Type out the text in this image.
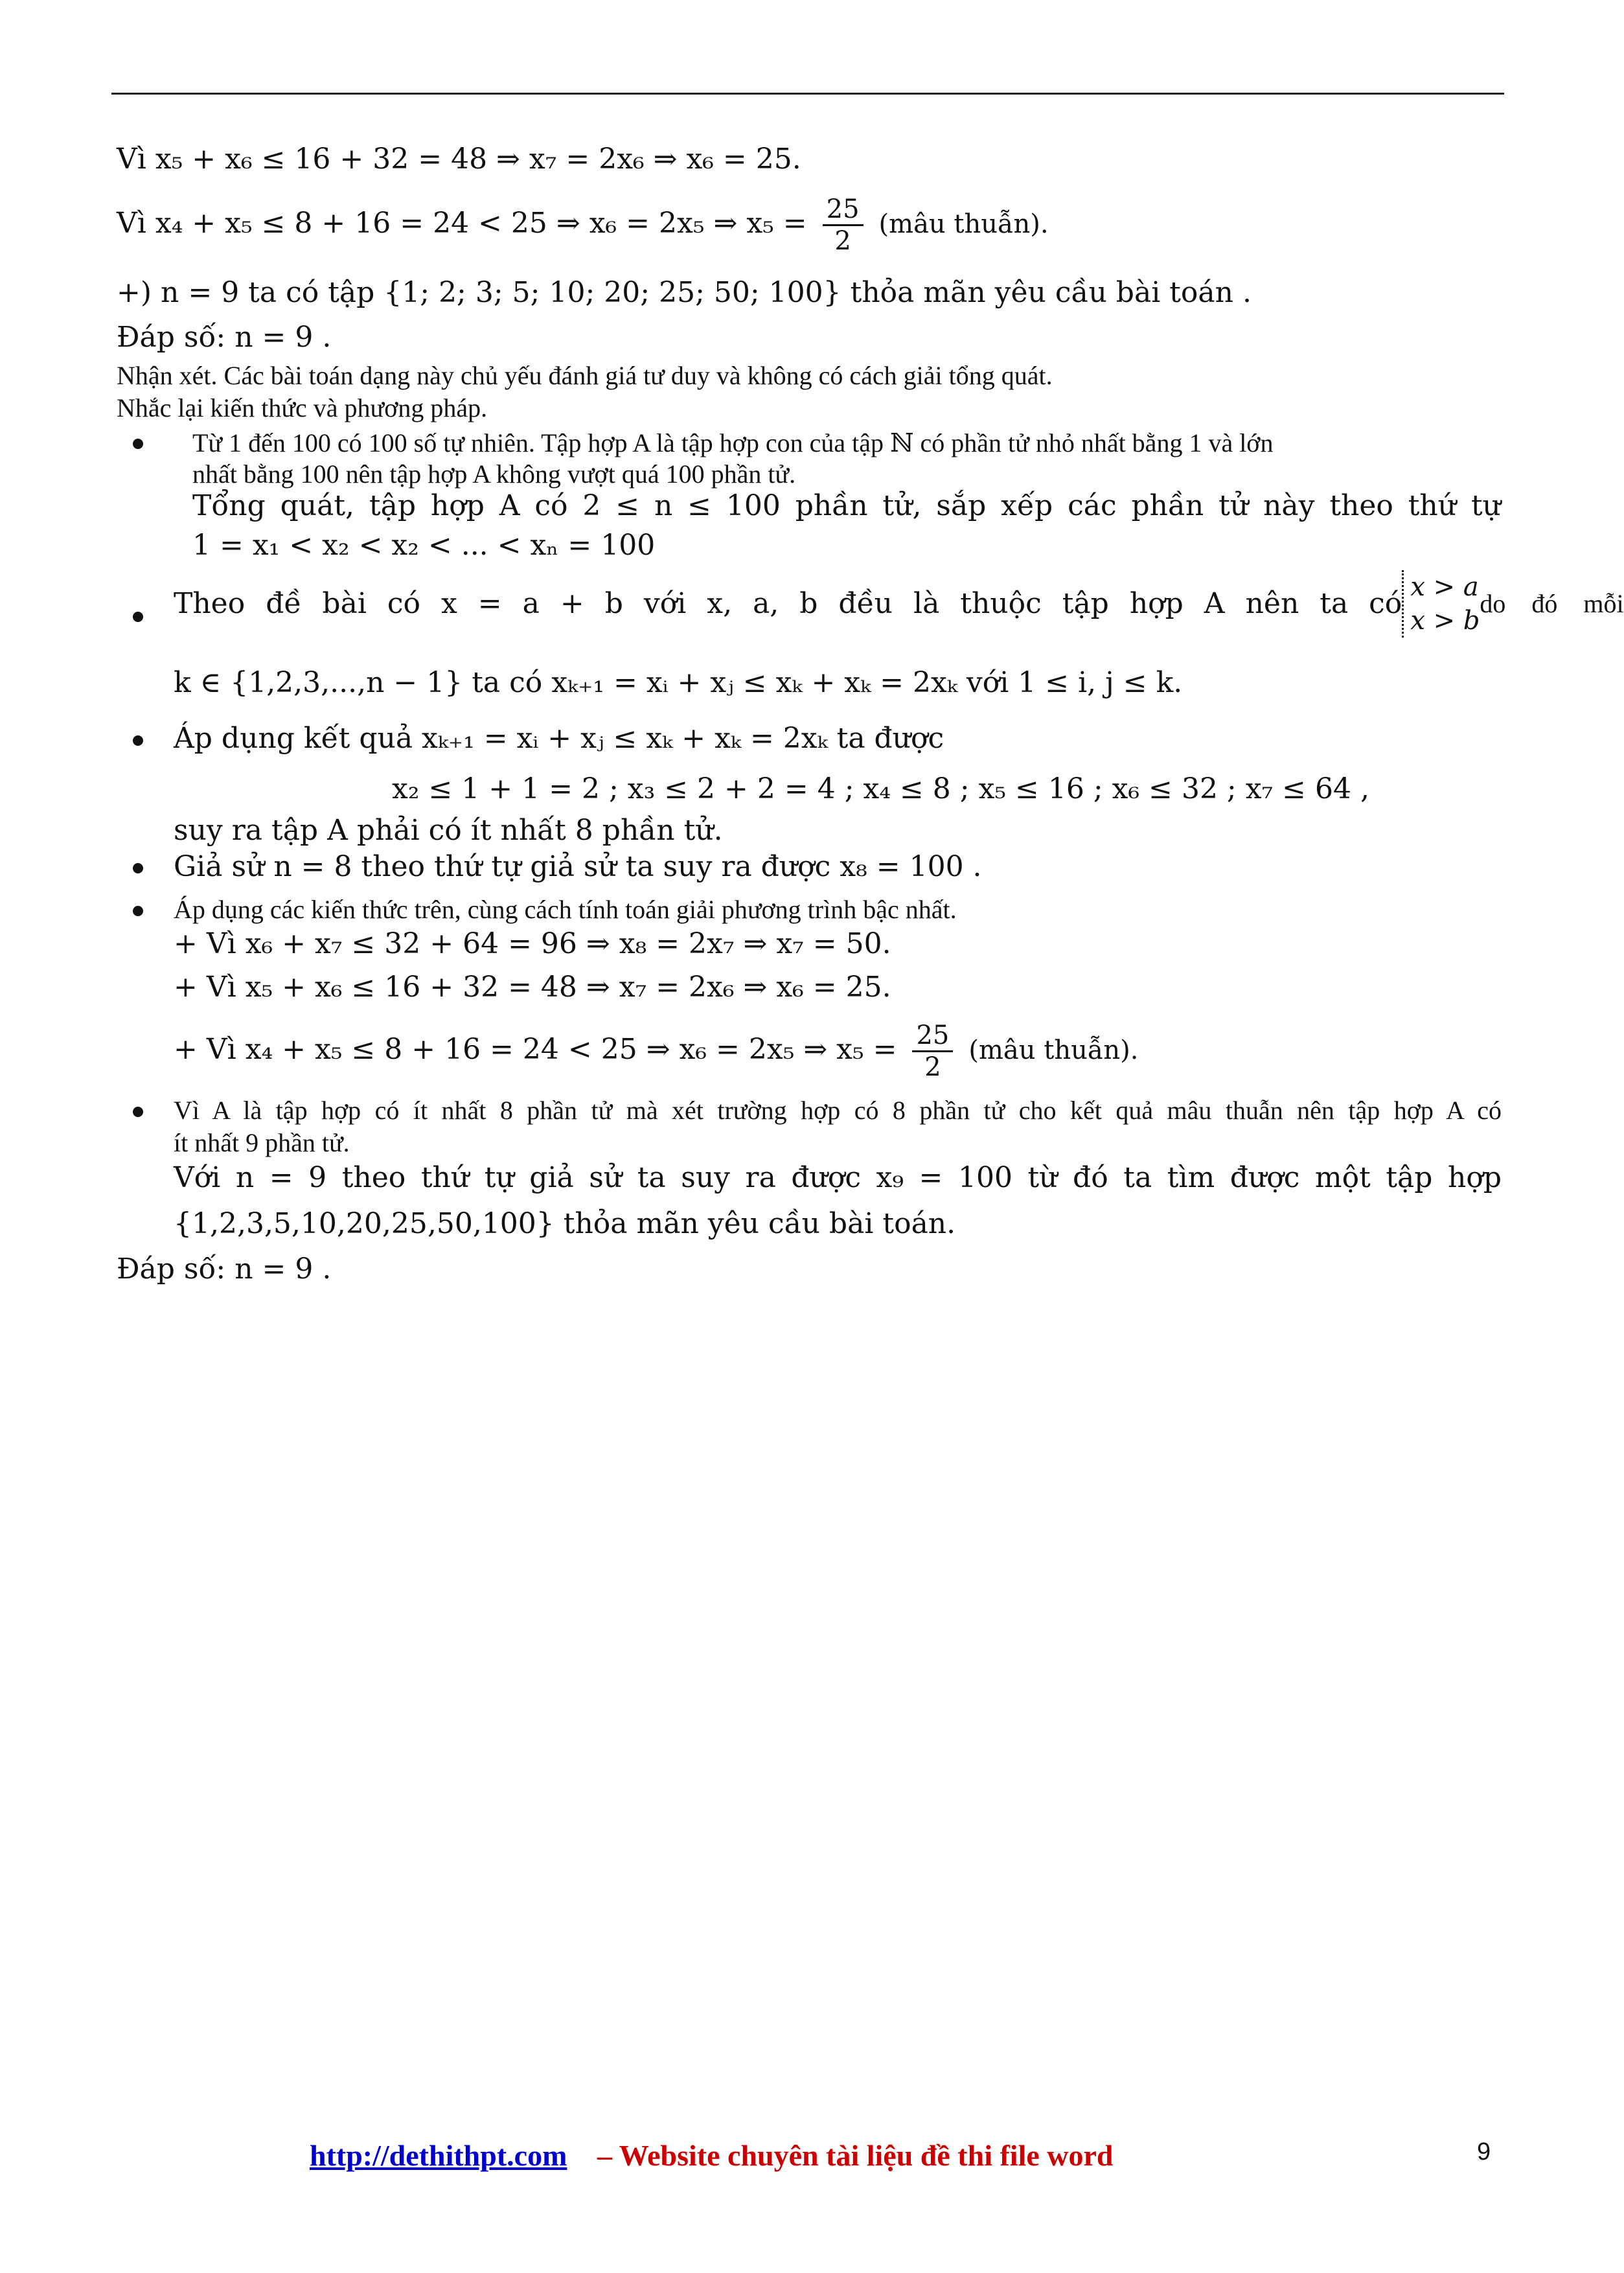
Vì x₅ + x₆ ≤ 16 + 32 = 48 ⇒ x₇ = 2x₆ ⇒ x₆ = 25.
Vì x₄ + x₅ ≤ 8 + 16 = 24 < 25 ⇒ x₆ = 2x₅ ⇒ $x_5 = \frac{25}{2}$ (mâu thuẫn).
+) n = 9 ta có tập {1; 2; 3; 5; 10; 20; 25; 50; 100} thỏa mãn yêu cầu bài toán .
Đáp số: n = 9 .
Nhận xét. Các bài toán dạng này chủ yếu đánh giá tư duy và không có cách giải tổng quát.
Nhắc lại kiến thức và phương pháp.
Từ 1 đến 100 có 100 số tự nhiên. Tập hợp A là tập hợp con của tập ℕ có phần tử nhỏ nhất bằng 1 và lớn
nhất bằng 100 nên tập hợp A không vượt quá 100 phần tử.
Tổng quát, tập hợp A có 2 ≤ n ≤ 100 phần tử, sắp xếp các phần tử này theo thứ tự
1 = x₁ < x₂ < x₂ < ... < xₙ = 100
Theo đề bài có x = a + b với x, a, b đều là thuộc tập hợp A nên ta có x > a
x > b
do đó mỗi
k ∈ {1,2,3,...,n − 1} ta có xₖ₊₁ = xᵢ + xⱼ ≤ xₖ + xₖ = 2xₖ với 1 ≤ i, j ≤ k.
Áp dụng kết quả xₖ₊₁ = xᵢ + xⱼ ≤ xₖ + xₖ = 2xₖ ta được
x₂ ≤ 1 + 1 = 2 ; x₃ ≤ 2 + 2 = 4 ; x₄ ≤ 8 ; x₅ ≤ 16 ; x₆ ≤ 32 ; x₇ ≤ 64 ,
suy ra tập A phải có ít nhất 8 phần tử.
Giả sử n = 8 theo thứ tự giả sử ta suy ra được x₈ = 100 .
Áp dụng các kiến thức trên, cùng cách tính toán giải phương trình bậc nhất.
+ Vì x₆ + x₇ ≤ 32 + 64 = 96 ⇒ x₈ = 2x₇ ⇒ x₇ = 50.
+ Vì x₅ + x₆ ≤ 16 + 32 = 48 ⇒ x₇ = 2x₆ ⇒ x₆ = 25.
+ Vì x₄ + x₅ ≤ 8 + 16 = 24 < 25 ⇒ x₆ = 2x₅ ⇒ $x_5 = \frac{25}{2}$ (mâu thuẫn).
Vì A là tập hợp có ít nhất 8 phần tử mà xét trường hợp có 8 phần tử cho kết quả mâu thuẫn nên tập hợp A có
ít nhất 9 phần tử.
Với n = 9 theo thứ tự giả sử ta suy ra được x₉ = 100 từ đó ta tìm được một tập hợp
{1,2,3,5,10,20,25,50,100} thỏa mãn yêu cầu bài toán.
Đáp số: n = 9 .
http://dethithpt.com – Website chuyên tài liệu đề thi file word	9
